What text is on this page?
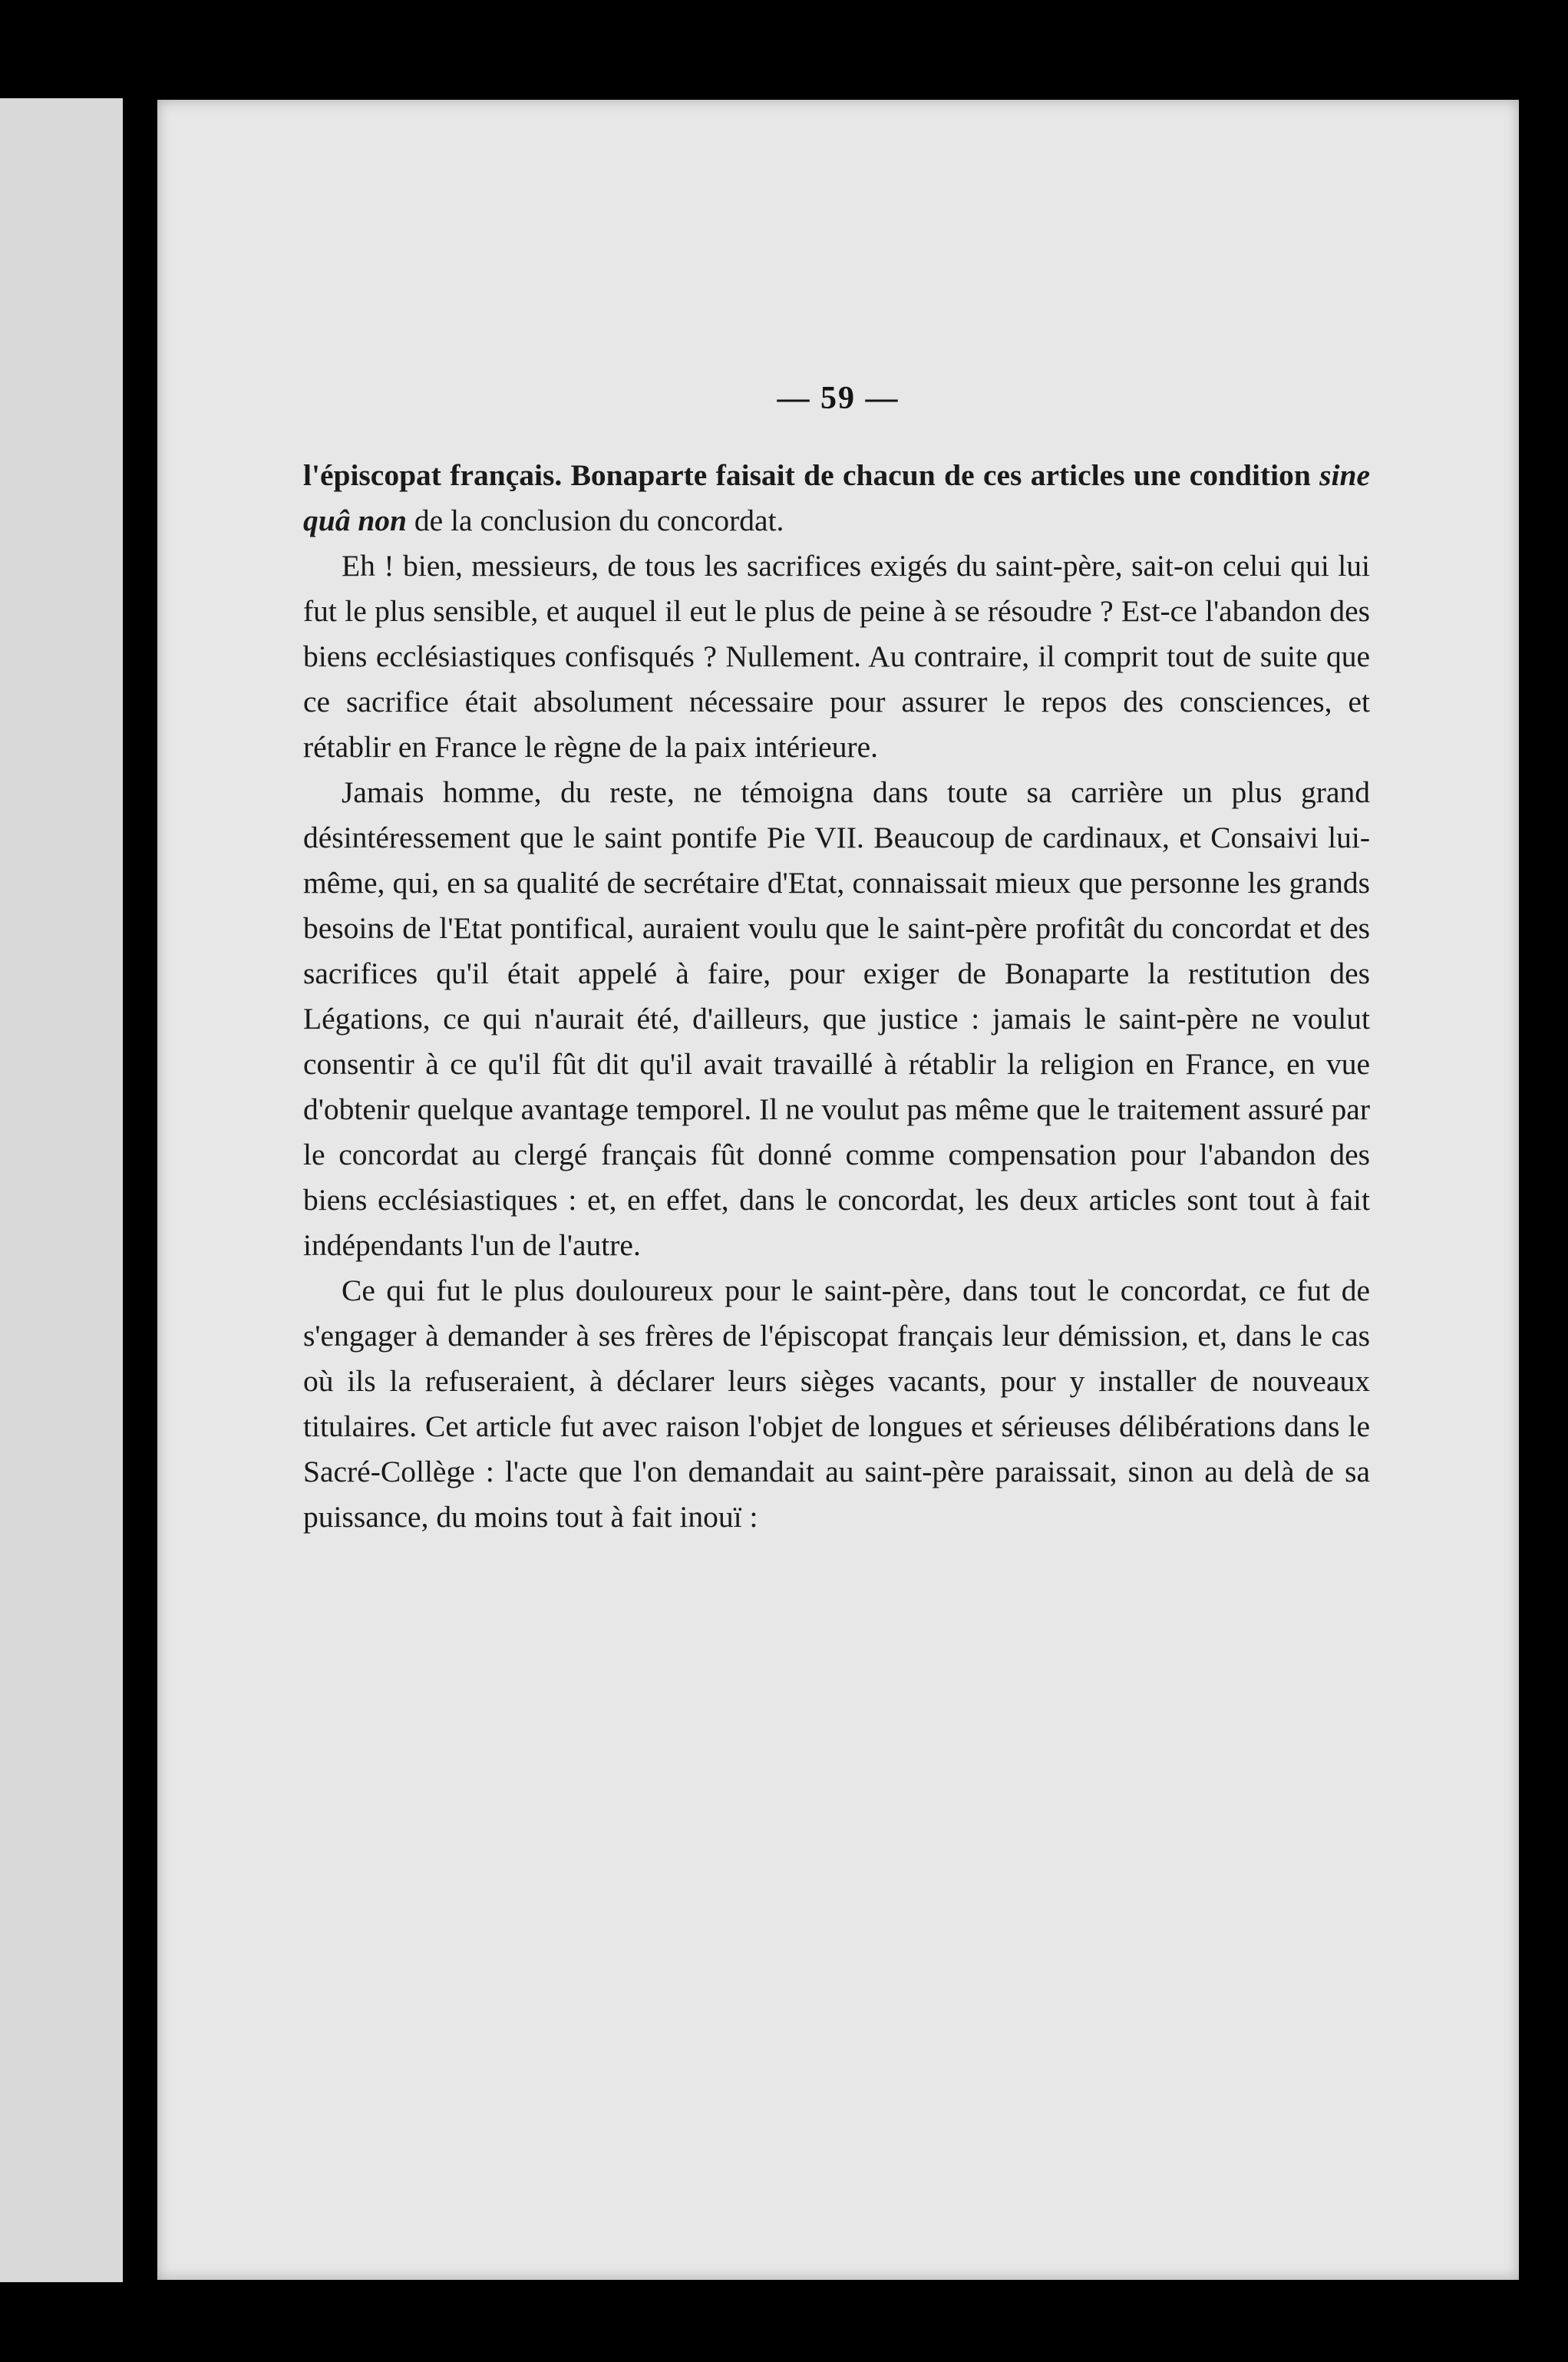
— 59 —

l'épiscopat français. Bonaparte faisait de chacun de ces articles une condition sine quâ non de la conclusion du concordat.

Eh ! bien, messieurs, de tous les sacrifices exigés du saint-père, sait-on celui qui lui fut le plus sensible, et auquel il eut le plus de peine à se résoudre ? Est-ce l'abandon des biens ecclésiastiques confisqués ? Nullement. Au contraire, il comprit tout de suite que ce sacrifice était absolument nécessaire pour assurer le repos des consciences, et rétablir en France le règne de la paix intérieure.

Jamais homme, du reste, ne témoigna dans toute sa carrière un plus grand désintéressement que le saint pontife Pie VII. Beaucoup de cardinaux, et Consaivi lui-même, qui, en sa qualité de secrétaire d'Etat, connaissait mieux que personne les grands besoins de l'Etat pontifical, auraient voulu que le saint-père profitât du concordat et des sacrifices qu'il était appelé à faire, pour exiger de Bonaparte la restitution des Légations, ce qui n'aurait été, d'ailleurs, que justice : jamais le saint-père ne voulut consentir à ce qu'il fût dit qu'il avait travaillé à rétablir la religion en France, en vue d'obtenir quelque avantage temporel. Il ne voulut pas même que le traitement assuré par le concordat au clergé français fût donné comme compensation pour l'abandon des biens ecclésiastiques : et, en effet, dans le concordat, les deux articles sont tout à fait indépendants l'un de l'autre.

Ce qui fut le plus douloureux pour le saint-père, dans tout le concordat, ce fut de s'engager à demander à ses frères de l'épiscopat français leur démission, et, dans le cas où ils la refuseraient, à déclarer leurs sièges vacants, pour y installer de nouveaux titulaires. Cet article fut avec raison l'objet de longues et sérieuses délibérations dans le Sacré-Collège : l'acte que l'on demandait au saint-père paraissait, sinon au delà de sa puissance, du moins tout à fait inouï :
